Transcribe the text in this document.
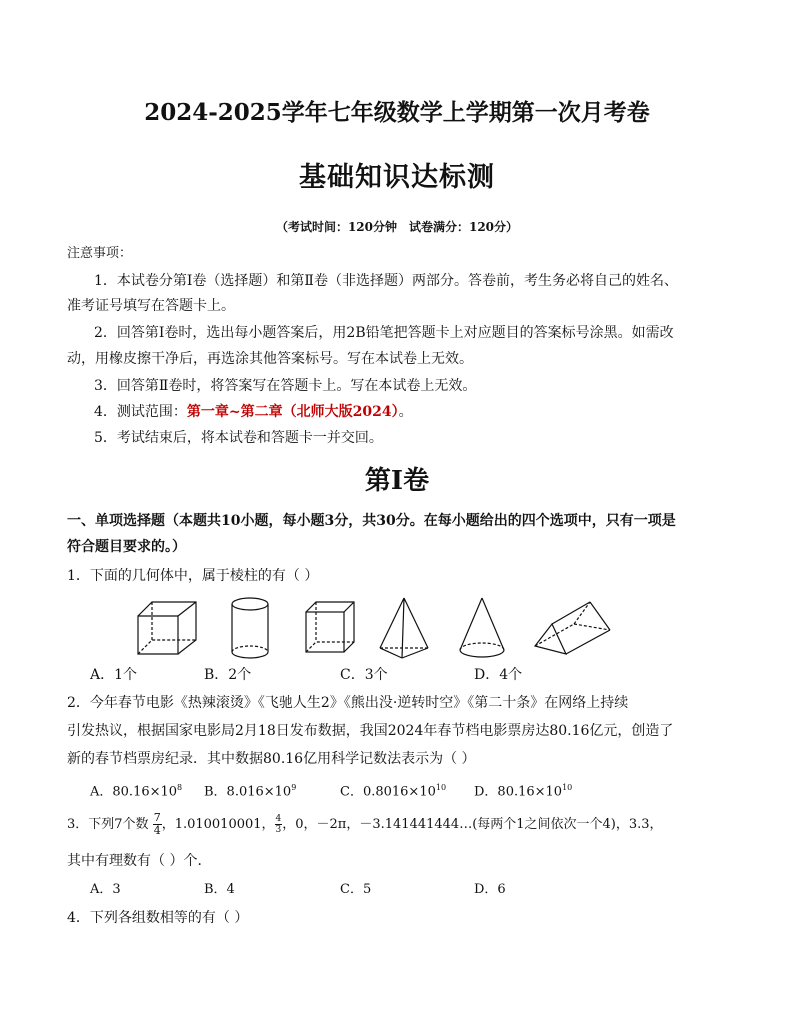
2024-2025学年七年级数学上学期第一次月考卷
基础知识达标测
（考试时间：120分钟　试卷满分：120分）
注意事项：
1．本试卷分第Ⅰ卷（选择题）和第Ⅱ卷（非选择题）两部分。答卷前，考生务必将自己的姓名、
准考证号填写在答题卡上。
2．回答第Ⅰ卷时，选出每小题答案后，用2B铅笔把答题卡上对应题目的答案标号涂黑。如需改
动，用橡皮擦干净后，再选涂其他答案标号。写在本试卷上无效。
3．回答第Ⅱ卷时，将答案写在答题卡上。写在本试卷上无效。
4．测试范围：第一章~第二章（北师大版2024）。
5．考试结束后，将本试卷和答题卡一并交回。
第Ⅰ卷
一、单项选择题（本题共10小题，每小题3分，共30分。在每小题给出的四个选项中，只有一项是
符合题目要求的。）
1．下面的几何体中，属于棱柱的有（ ）
A．1个	B．2个	C．3个	D．4个
2．今年春节电影《热辣滚烫》《飞驰人生2》《熊出没·逆转时空》《第二十条》在网络上持续
引发热议，根据国家电影局2月18日发布数据，我国2024年春节档电影票房达80.16亿元，创造了
新的春节档票房纪录．其中数据80.16亿用科学记数法表示为（ ）
A．$80.16\times 10^8$ B．$8.016\times 10^9$	C．$0.8016\times 10^{10}$ D．$80.16\times 10^{10}$
3．下列7个数 $\frac{7}{4}$ ，1.010010001， $\frac{4}{3}$ ，0，－2π，－3.141441444…(每两个1之间依次一个4)，3.3，
其中有理数有（ ）个．
A．3	B．4	C．5	D．6
4．下列各组数相等的有（ ）
